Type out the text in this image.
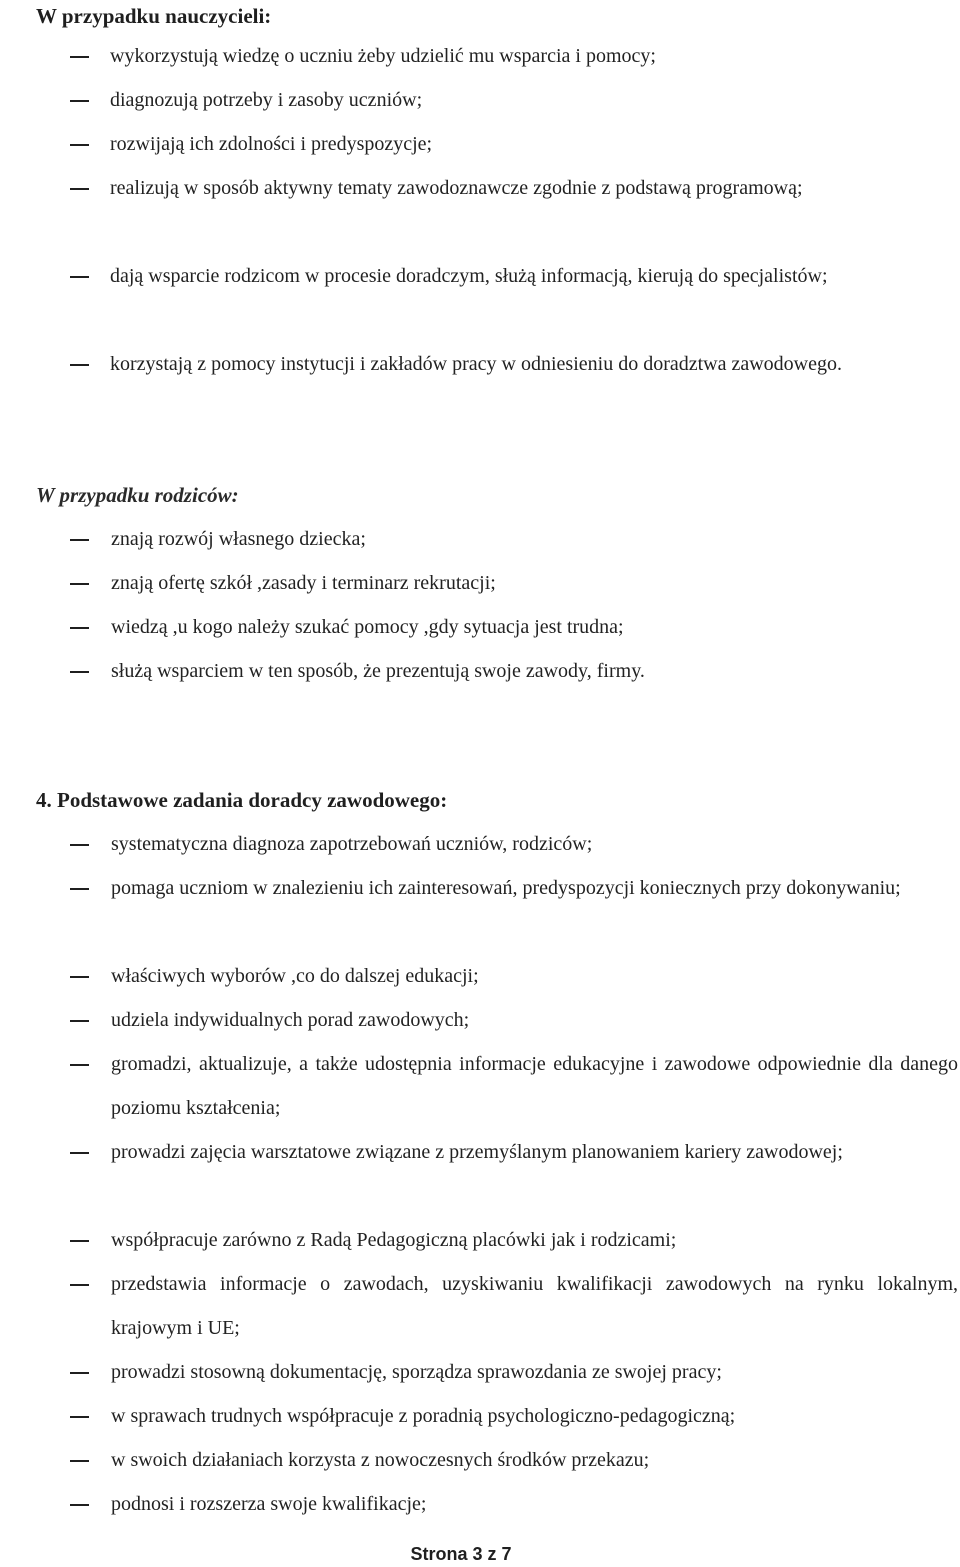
W przypadku nauczycieli:
wykorzystują wiedzę o uczniu żeby udzielić mu wsparcia i pomocy;
diagnozują potrzeby i zasoby uczniów;
rozwijają ich zdolności i predyspozycje;
realizują w sposób aktywny tematy zawodoznawcze zgodnie z podstawą programową;
dają wsparcie rodzicom w procesie doradczym, służą informacją, kierują do specjalistów;
korzystają z pomocy instytucji i zakładów pracy w odniesieniu do doradztwa zawodowego.
W przypadku rodziców:
znają rozwój własnego dziecka;
znają ofertę szkół ,zasady i terminarz rekrutacji;
wiedzą ,u kogo należy szukać pomocy ,gdy sytuacja jest trudna;
służą wsparciem w ten sposób, że prezentują swoje zawody, firmy.
4. Podstawowe zadania doradcy zawodowego:
systematyczna diagnoza zapotrzebowań uczniów, rodziców;
pomaga uczniom w znalezieniu ich zainteresowań, predyspozycji koniecznych przy dokonywaniu;
właściwych wyborów ,co do dalszej edukacji;
udziela indywidualnych porad zawodowych;
gromadzi, aktualizuje, a także udostępnia informacje edukacyjne i zawodowe odpowiednie dla danego poziomu kształcenia;
prowadzi zajęcia warsztatowe związane z przemyślanym planowaniem kariery zawodowej;
współpracuje zarówno z Radą Pedagogiczną placówki jak i rodzicami;
przedstawia informacje o zawodach, uzyskiwaniu kwalifikacji zawodowych na rynku lokalnym, krajowym i UE;
prowadzi stosowną dokumentację, sporządza sprawozdania ze swojej pracy;
w sprawach trudnych współpracuje z poradnią psychologiczno-pedagogiczną;
w swoich działaniach korzysta z nowoczesnych środków przekazu;
podnosi i rozszerza swoje kwalifikacje;
Strona 3 z 7
